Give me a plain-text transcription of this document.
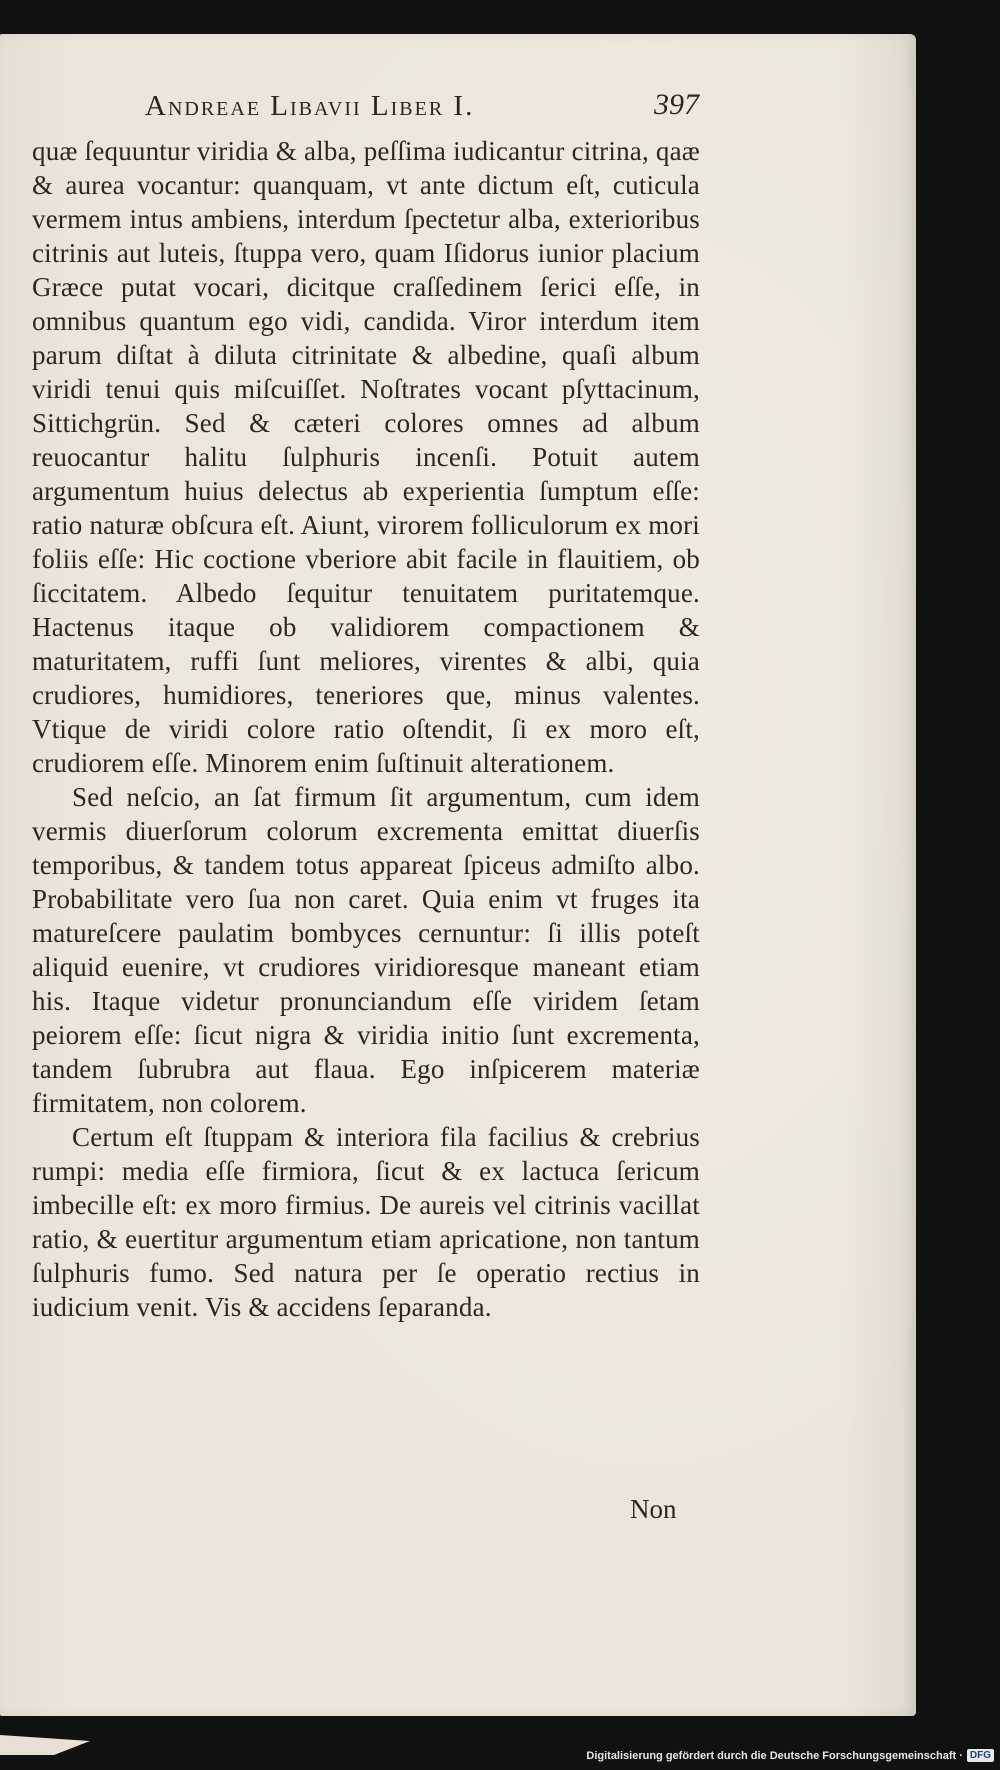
Andreae Libavii Liber I.	397

quæ ſequuntur viridia & alba, peſſima iudicantur citrina, qaæ & aurea vocantur: quanquam, vt ante dictum eſt, cuticula vermem intus ambiens, interdum ſpectetur alba, exterioribus citrinis aut luteis, ſtuppa vero, quam Iſidorus iunior placium Græce putat vocari, dicitque craſſedinem ſerici eſſe, in omnibus quantum ego vidi, candida. Viror interdum item parum diſtat à diluta citrinitate & albedine, quaſi album viridi tenui quis miſcuiſſet. Noſtrates vocant pſyttacinum, Sittichgrün. Sed & cæteri colores omnes ad album reuocantur halitu ſulphuris incenſi. Potuit autem argumentum huius delectus ab experientia ſumptum eſſe: ratio naturæ obſcura eſt. Aiunt, virorem folliculorum ex mori foliis eſſe: Hic coctione vberiore abit facile in flauitiem, ob ſiccitatem. Albedo ſequitur tenuitatem puritatemque. Hactenus itaque ob validiorem compactionem & maturitatem, ruffi ſunt meliores, virentes & albi, quia crudiores, humidiores, teneriores que, minus valentes. Vtique de viridi colore ratio oſtendit, ſi ex moro eſt, crudiorem eſſe. Minorem enim ſuſtinuit alterationem.

Sed neſcio, an ſat firmum ſit argumentum, cum idem vermis diuerſorum colorum excrementa emittat diuerſis temporibus, & tandem totus appareat ſpiceus admiſto albo. Probabilitate vero ſua non caret. Quia enim vt fruges ita matureſcere paulatim bombyces cernuntur: ſi illis poteſt aliquid euenire, vt crudiores viridioresque maneant etiam his. Itaque videtur pronunciandum eſſe viridem ſetam peiorem eſſe: ſicut nigra & viridia initio ſunt excrementa, tandem ſubrubra aut flaua. Ego inſpicerem materiæ firmitatem, non colorem.

Certum eſt ſtuppam & interiora fila facilius & crebrius rumpi: media eſſe firmiora, ſicut & ex lactuca ſericum imbecille eſt: ex moro firmius. De aureis vel citrinis vacillat ratio, & euertitur argumentum etiam apricatione, non tantum ſulphuris fumo. Sed natura per ſe operatio rectius in iudicium venit. Vis & accidens ſeparanda.

Non
Digitalisierung gefördert durch die Deutsche Forschungsgemeinschaft · DFG
